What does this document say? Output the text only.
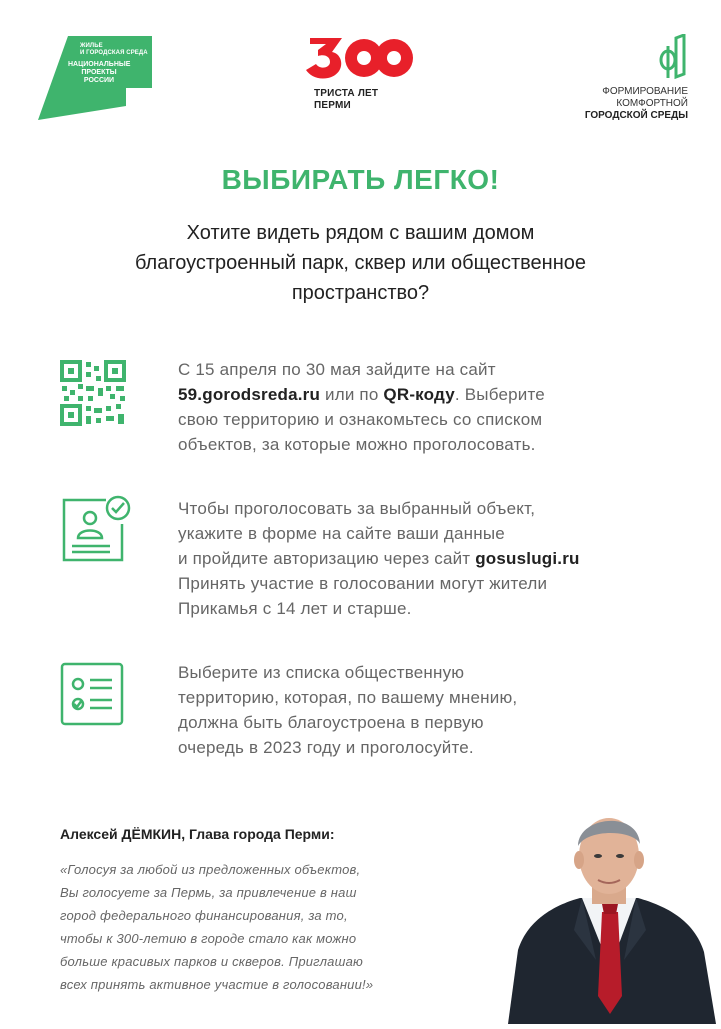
ЖИЛЬЕ
И ГОРОДСКАЯ СРЕДА
НАЦИОНАЛЬНЫЕ
ПРОЕКТЫ
РОССИИ
ТРИСТА ЛЕТ
ПЕРМИ
ФОРМИРОВАНИЕ
КОМФОРТНОЙ
ГОРОДСКОЙ СРЕДЫ
ВЫБИРАТЬ ЛЕГКО!
Хотите видеть рядом с вашим домом
благоустроенный парк, сквер или общественное
пространство?
С 15 апреля по 30 мая зайдите на сайт
59.gorodsreda.ru или по QR-коду. Выберите
свою территорию и ознакомьтесь со списком
объектов, за которые можно проголосовать.
Чтобы проголосовать за выбранный объект,
укажите в форме на сайте ваши данные
и пройдите авторизацию через сайт gosuslugi.ru
Принять участие в голосовании могут жители
Прикамья с 14 лет и старше.
Выберите из списка общественную
территорию, которая, по вашему мнению,
должна быть благоустроена в первую
очередь в 2023 году и проголосуйте.
Алексей ДЁМКИН, Глава города Перми:
«Голосуя за любой из предложенных объектов,
Вы голосуете за Пермь, за привлечение в наш
город федерального финансирования, за то,
чтобы к 300-летию в городе стало как можно
больше красивых парков и скверов. Приглашаю
всех принять активное участие в голосовании!»
